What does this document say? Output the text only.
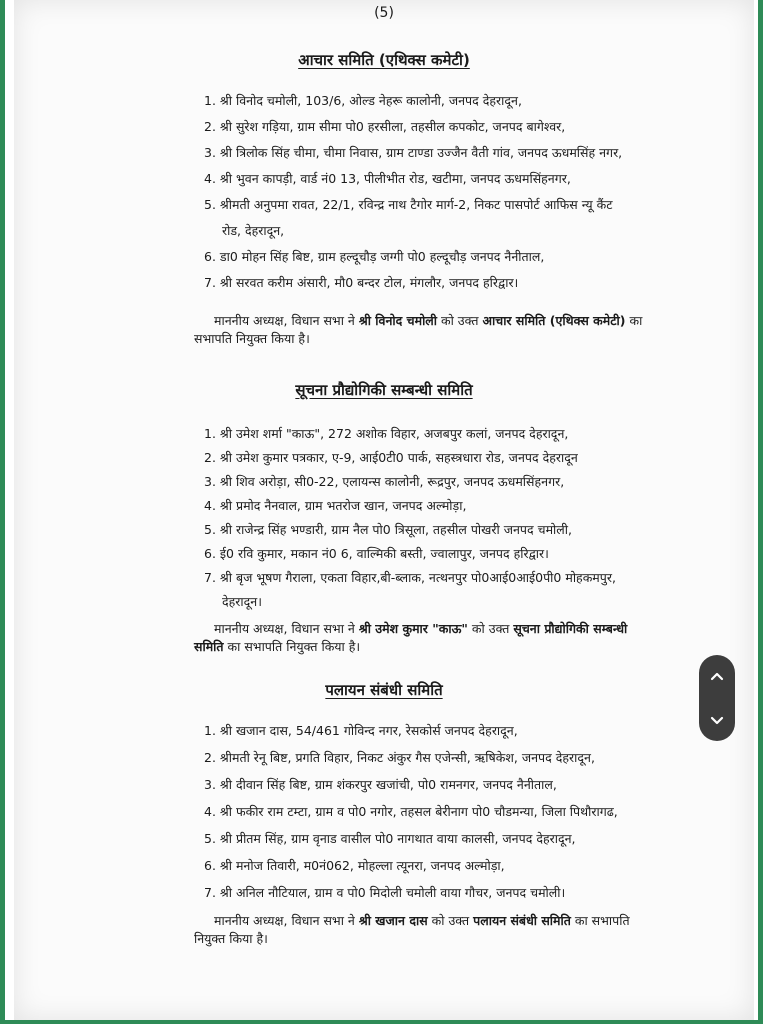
(5)
आचार समिति (एथिक्स कमेटी)
1. श्री विनोद चमोली, 103/6, ओल्ड नेहरू कालोनी, जनपद देहरादून,
2. श्री सुरेश गड़िया, ग्राम सीमा पो0 हरसीला, तहसील कपकोट, जनपद बागेश्वर,
3. श्री त्रिलोक सिंह चीमा, चीमा निवास, ग्राम टाण्डा उज्जैन वैती गांव, जनपद ऊधमसिंह नगर,
4. श्री भुवन कापड़ी, वार्ड नं0 13, पीलीभीत रोड, खटीमा, जनपद ऊधमसिंहनगर,
5. श्रीमती अनुपमा रावत, 22/1, रविन्द्र नाथ टैगोर मार्ग-2, निकट पासपोर्ट आफिस न्यू कैंट
रोड, देहरादून,
6. डा0 मोहन सिंह बिष्ट, ग्राम हल्दूचौड़ जग्गी पो0 हल्दूचौड़ जनपद नैनीताल,
7. श्री सरवत करीम अंसारी, मौ0 बन्दर टोल, मंगलौर, जनपद हरिद्वार।

माननीय अध्यक्ष, विधान सभा ने श्री विनोद चमोली को उक्त आचार समिति (एथिक्स कमेटी) का

सभापति नियुक्त किया है।

सूचना प्रौद्योगिकी सम्बन्धी समिति
1. श्री उमेश शर्मा "काऊ", 272 अशोक विहार, अजबपुर कलां, जनपद देहरादून,
2. श्री उमेश कुमार पत्रकार, ए-9, आई0टी0 पार्क, सहस्त्रधारा रोड, जनपद देहरादून
3. श्री शिव अरोड़ा, सी0-22, एलायन्स कालोनी, रूद्रपुर, जनपद ऊधमसिंहनगर,
4. श्री प्रमोद नैनवाल, ग्राम भतरोज खान, जनपद अल्मोड़ा,
5. श्री राजेन्द्र सिंह भण्डारी, ग्राम नैल पो0 त्रिसूला, तहसील पोखरी जनपद चमोली,
6. ई0 रवि कुमार, मकान नं0 6, वाल्मिकी बस्ती, ज्वालापुर, जनपद हरिद्वार।
7. श्री बृज भूषण गैराला, एकता विहार,बी-ब्लाक, नत्थनपुर पो0आई0आई0पी0 मोहकमपुर,
देहरादून।

माननीय अध्यक्ष, विधान सभा ने श्री उमेश कुमार "काऊ" को उक्त सूचना प्रौद्योगिकी सम्बन्धी

समिति का सभापति नियुक्त किया है।

पलायन संबंधी समिति
1. श्री खजान दास, 54/461 गोविन्द नगर, रेसकोर्स जनपद देहरादून,
2. श्रीमती रेनू बिष्ट, प्रगति विहार, निकट अंकुर गैस एजेन्सी, ऋषिकेश, जनपद देहरादून,
3. श्री दीवान सिंह बिष्ट, ग्राम शंकरपुर खजांची, पो0 रामनगर, जनपद नैनीताल,
4. श्री फकीर राम टम्टा, ग्राम व पो0 नगोर, तहसल बेरीनाग पो0 चौडमन्या, जिला पिथौरागढ,
5. श्री प्रीतम सिंह, ग्राम वृनाड वासील पो0 नागथात वाया कालसी, जनपद देहरादून,
6. श्री मनोज तिवारी, म0नं062, मोहल्ला त्यूनरा, जनपद अल्मोड़ा,
7. श्री अनिल नौटियाल, ग्राम व पो0 मिदोली चमोली वाया गौचर, जनपद चमोली।

माननीय अध्यक्ष, विधान सभा ने श्री खजान दास को उक्त पलायन संबंधी समिति का सभापति

नियुक्त किया है।
